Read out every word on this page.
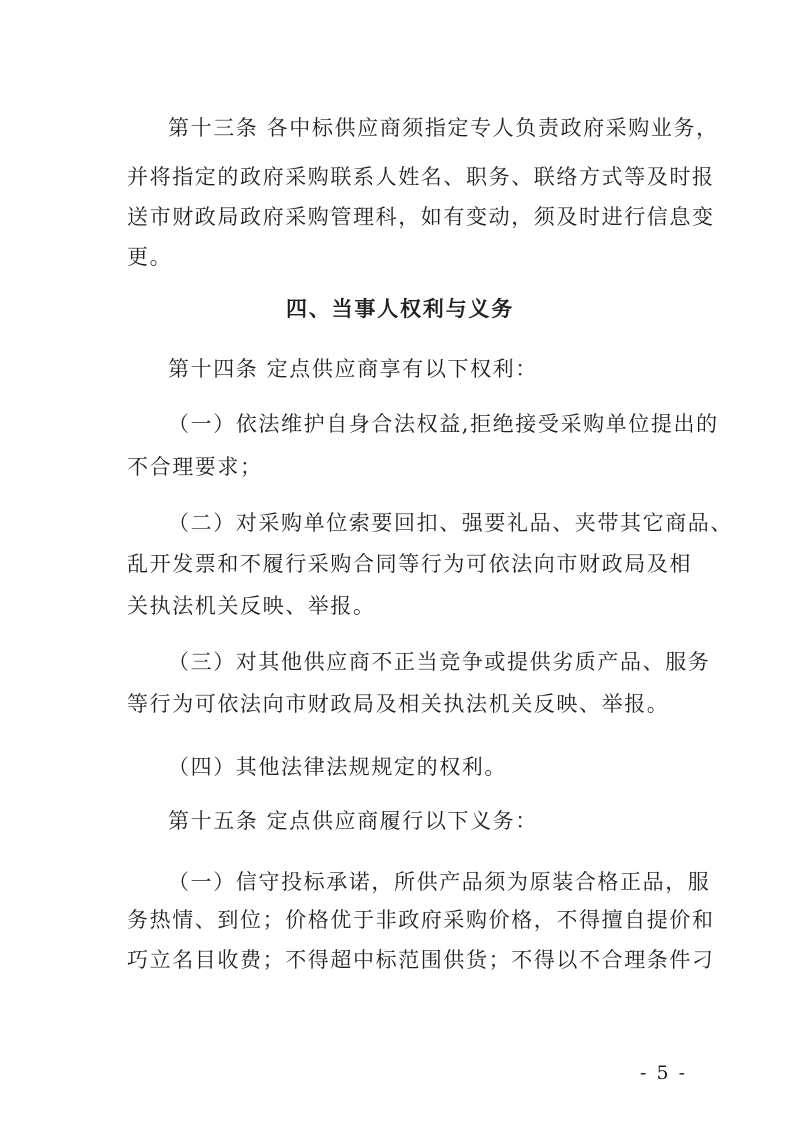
第十三条 各中标供应商须指定专人负责政府采购业务，
并将指定的政府采购联系人姓名、职务、联络方式等及时报
送市财政局政府采购管理科，如有变动，须及时进行信息变
更。
四、当事人权利与义务
第十四条 定点供应商享有以下权利：
（一）依法维护自身合法权益,拒绝接受采购单位提出的
不合理要求；
（二）对采购单位索要回扣、强要礼品、夹带其它商品、
乱开发票和不履行采购合同等行为可依法向市财政局及相
关执法机关反映、举报。
（三）对其他供应商不正当竞争或提供劣质产品、服务
等行为可依法向市财政局及相关执法机关反映、举报。
（四）其他法律法规规定的权利。
第十五条 定点供应商履行以下义务：
（一）信守投标承诺，所供产品须为原装合格正品，服
务热情、到位；价格优于非政府采购价格，不得擅自提价和
巧立名目收费；不得超中标范围供货；不得以不合理条件刁
- 5 -
